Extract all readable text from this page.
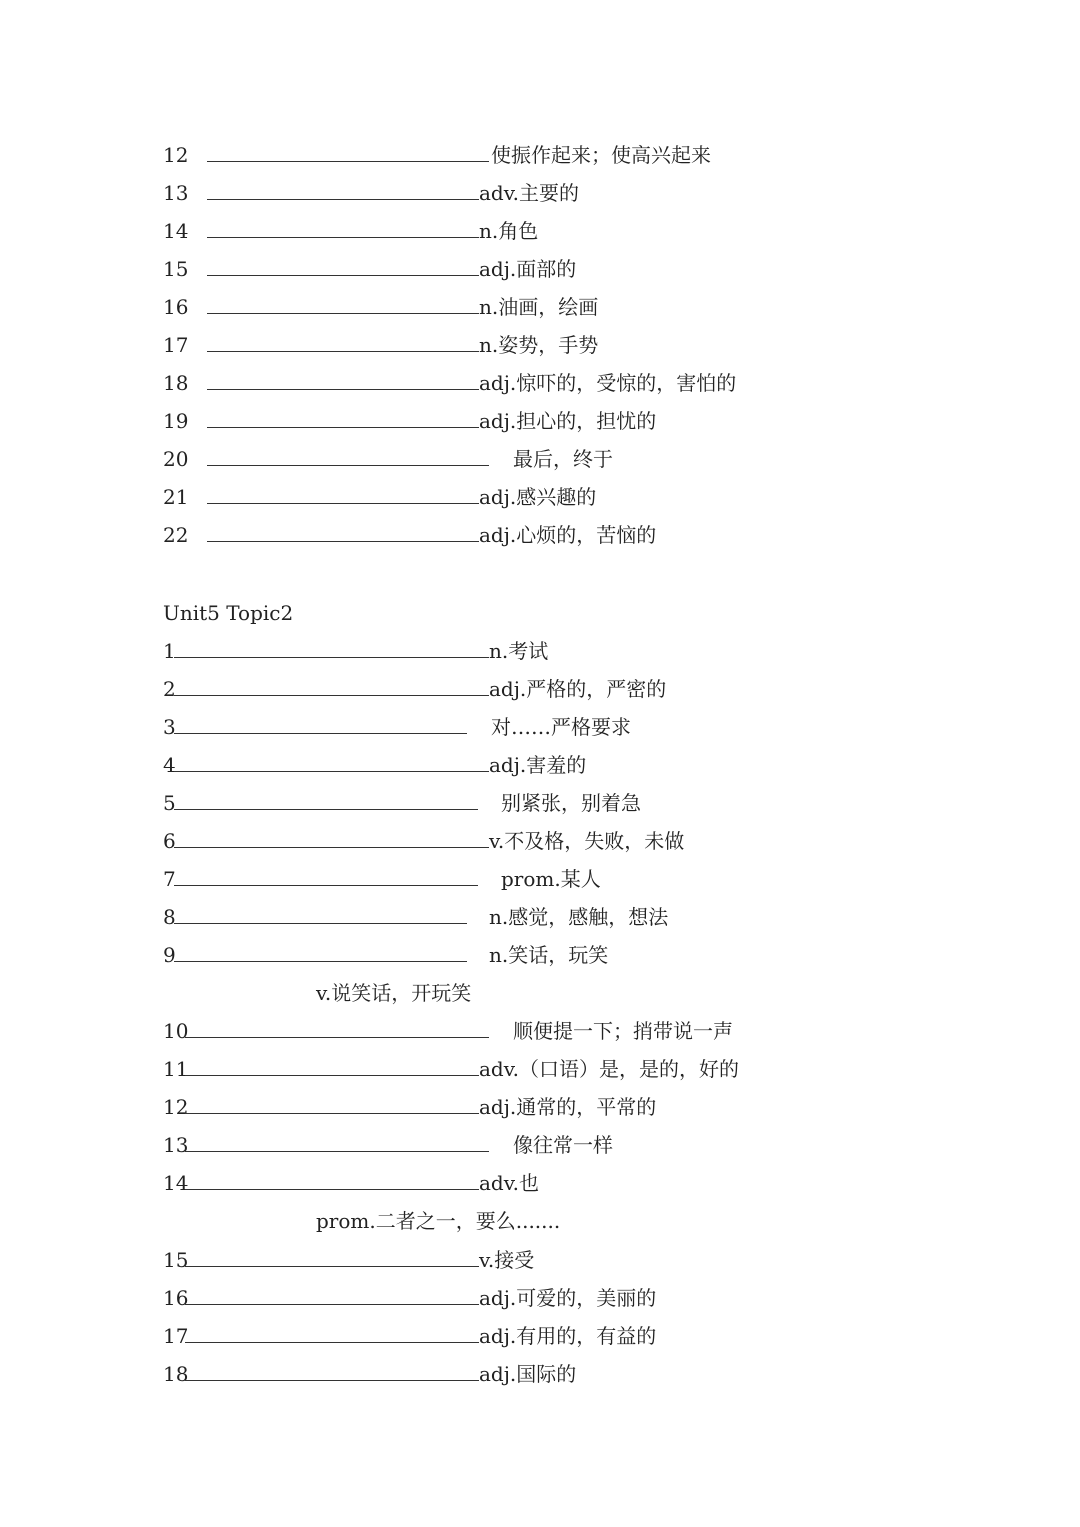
12	使振作起来；使高兴起来
13	adv.主要的
14	n.角色
15	adj.面部的
16	n.油画，绘画
17	n.姿势，手势
18	adj.惊吓的，受惊的，害怕的
19	adj.担心的，担忧的
20	最后，终于
21	adj.感兴趣的
22	adj.心烦的，苦恼的
Unit5 Topic2
1	n.考试
2	adj.严格的，严密的
3	对……严格要求
4	adj.害羞的
5	别紧张，别着急
6	v.不及格，失败，未做
7	prom.某人
8	n.感觉，感触，想法
9	n.笑话，玩笑
v.说笑话，开玩笑
10	顺便提一下；捎带说一声
11	adv.（口语）是，是的，好的
12	adj.通常的，平常的
13	像往常一样
14	adv.也
prom.二者之一，要么.......
15	v.接受
16	adj.可爱的，美丽的
17	adj.有用的，有益的
18	adj.国际的
